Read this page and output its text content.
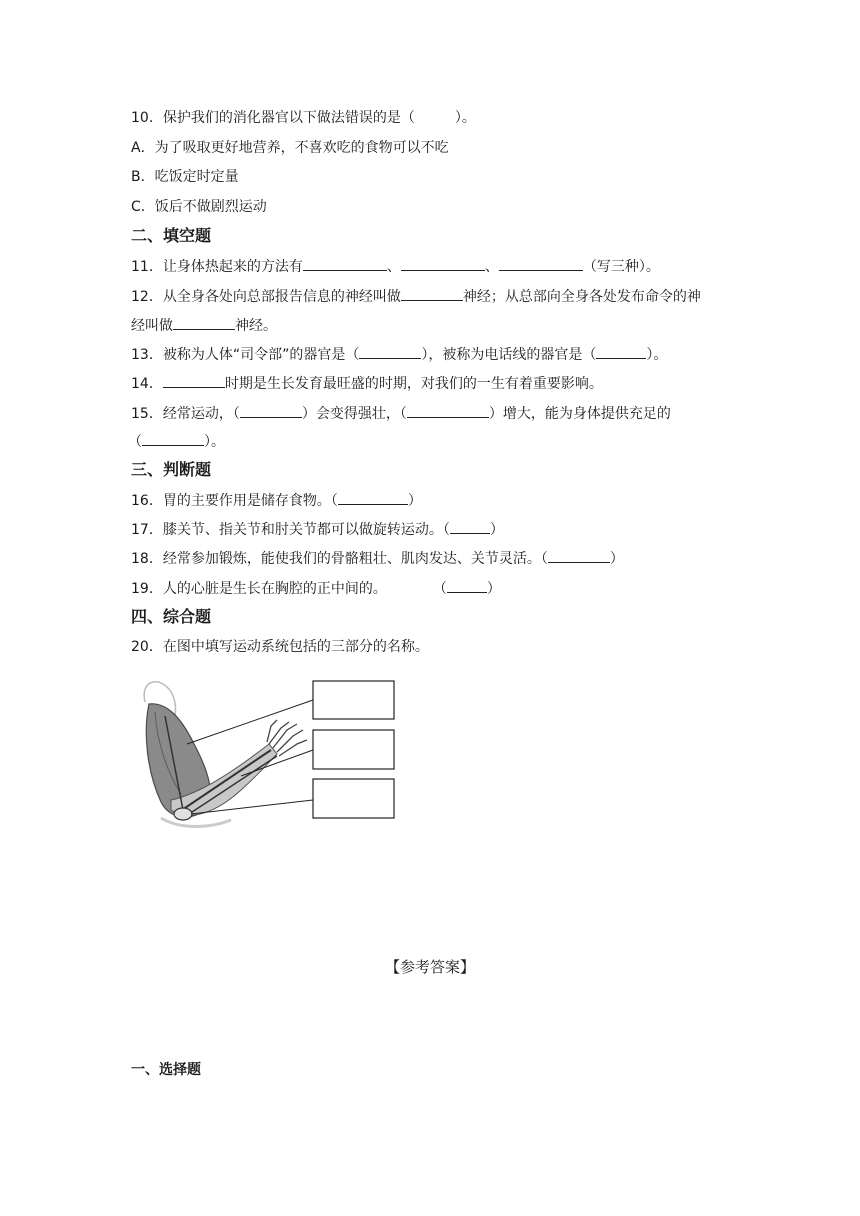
10．保护我们的消化器官以下做法错误的是（	）。

A．为了吸取更好地营养，不喜欢吃的食物可以不吃

B．吃饭定时定量

C．饭后不做剧烈运动

二、填空题

11．让身体热起来的方法有	、	、	（写三种）。

12．从全身各处向总部报告信息的神经叫做	神经；从总部向全身各处发布命令的神

经叫做	神经。

13．被称为人体“司令部”的器官是（	），被称为电话线的器官是（	）。

14．	时期是生长发育最旺盛的时期，对我们的一生有着重要影响。

15．经常运动，（	）会变得强壮，（	）增大，能为身体提供充足的

（	）。

三、判断题

16．胃的主要作用是储存食物。（	）

17．膝关节、指关节和肘关节都可以做旋转运动。（	）

18．经常参加锻炼，能使我们的骨骼粗壮、肌肉发达、关节灵活。（	）

19．人的心脏是生长在胸腔的正中间的。	（	）

四、综合题

20．在图中填写运动系统包括的三部分的名称。

【参考答案】

一、选择题
